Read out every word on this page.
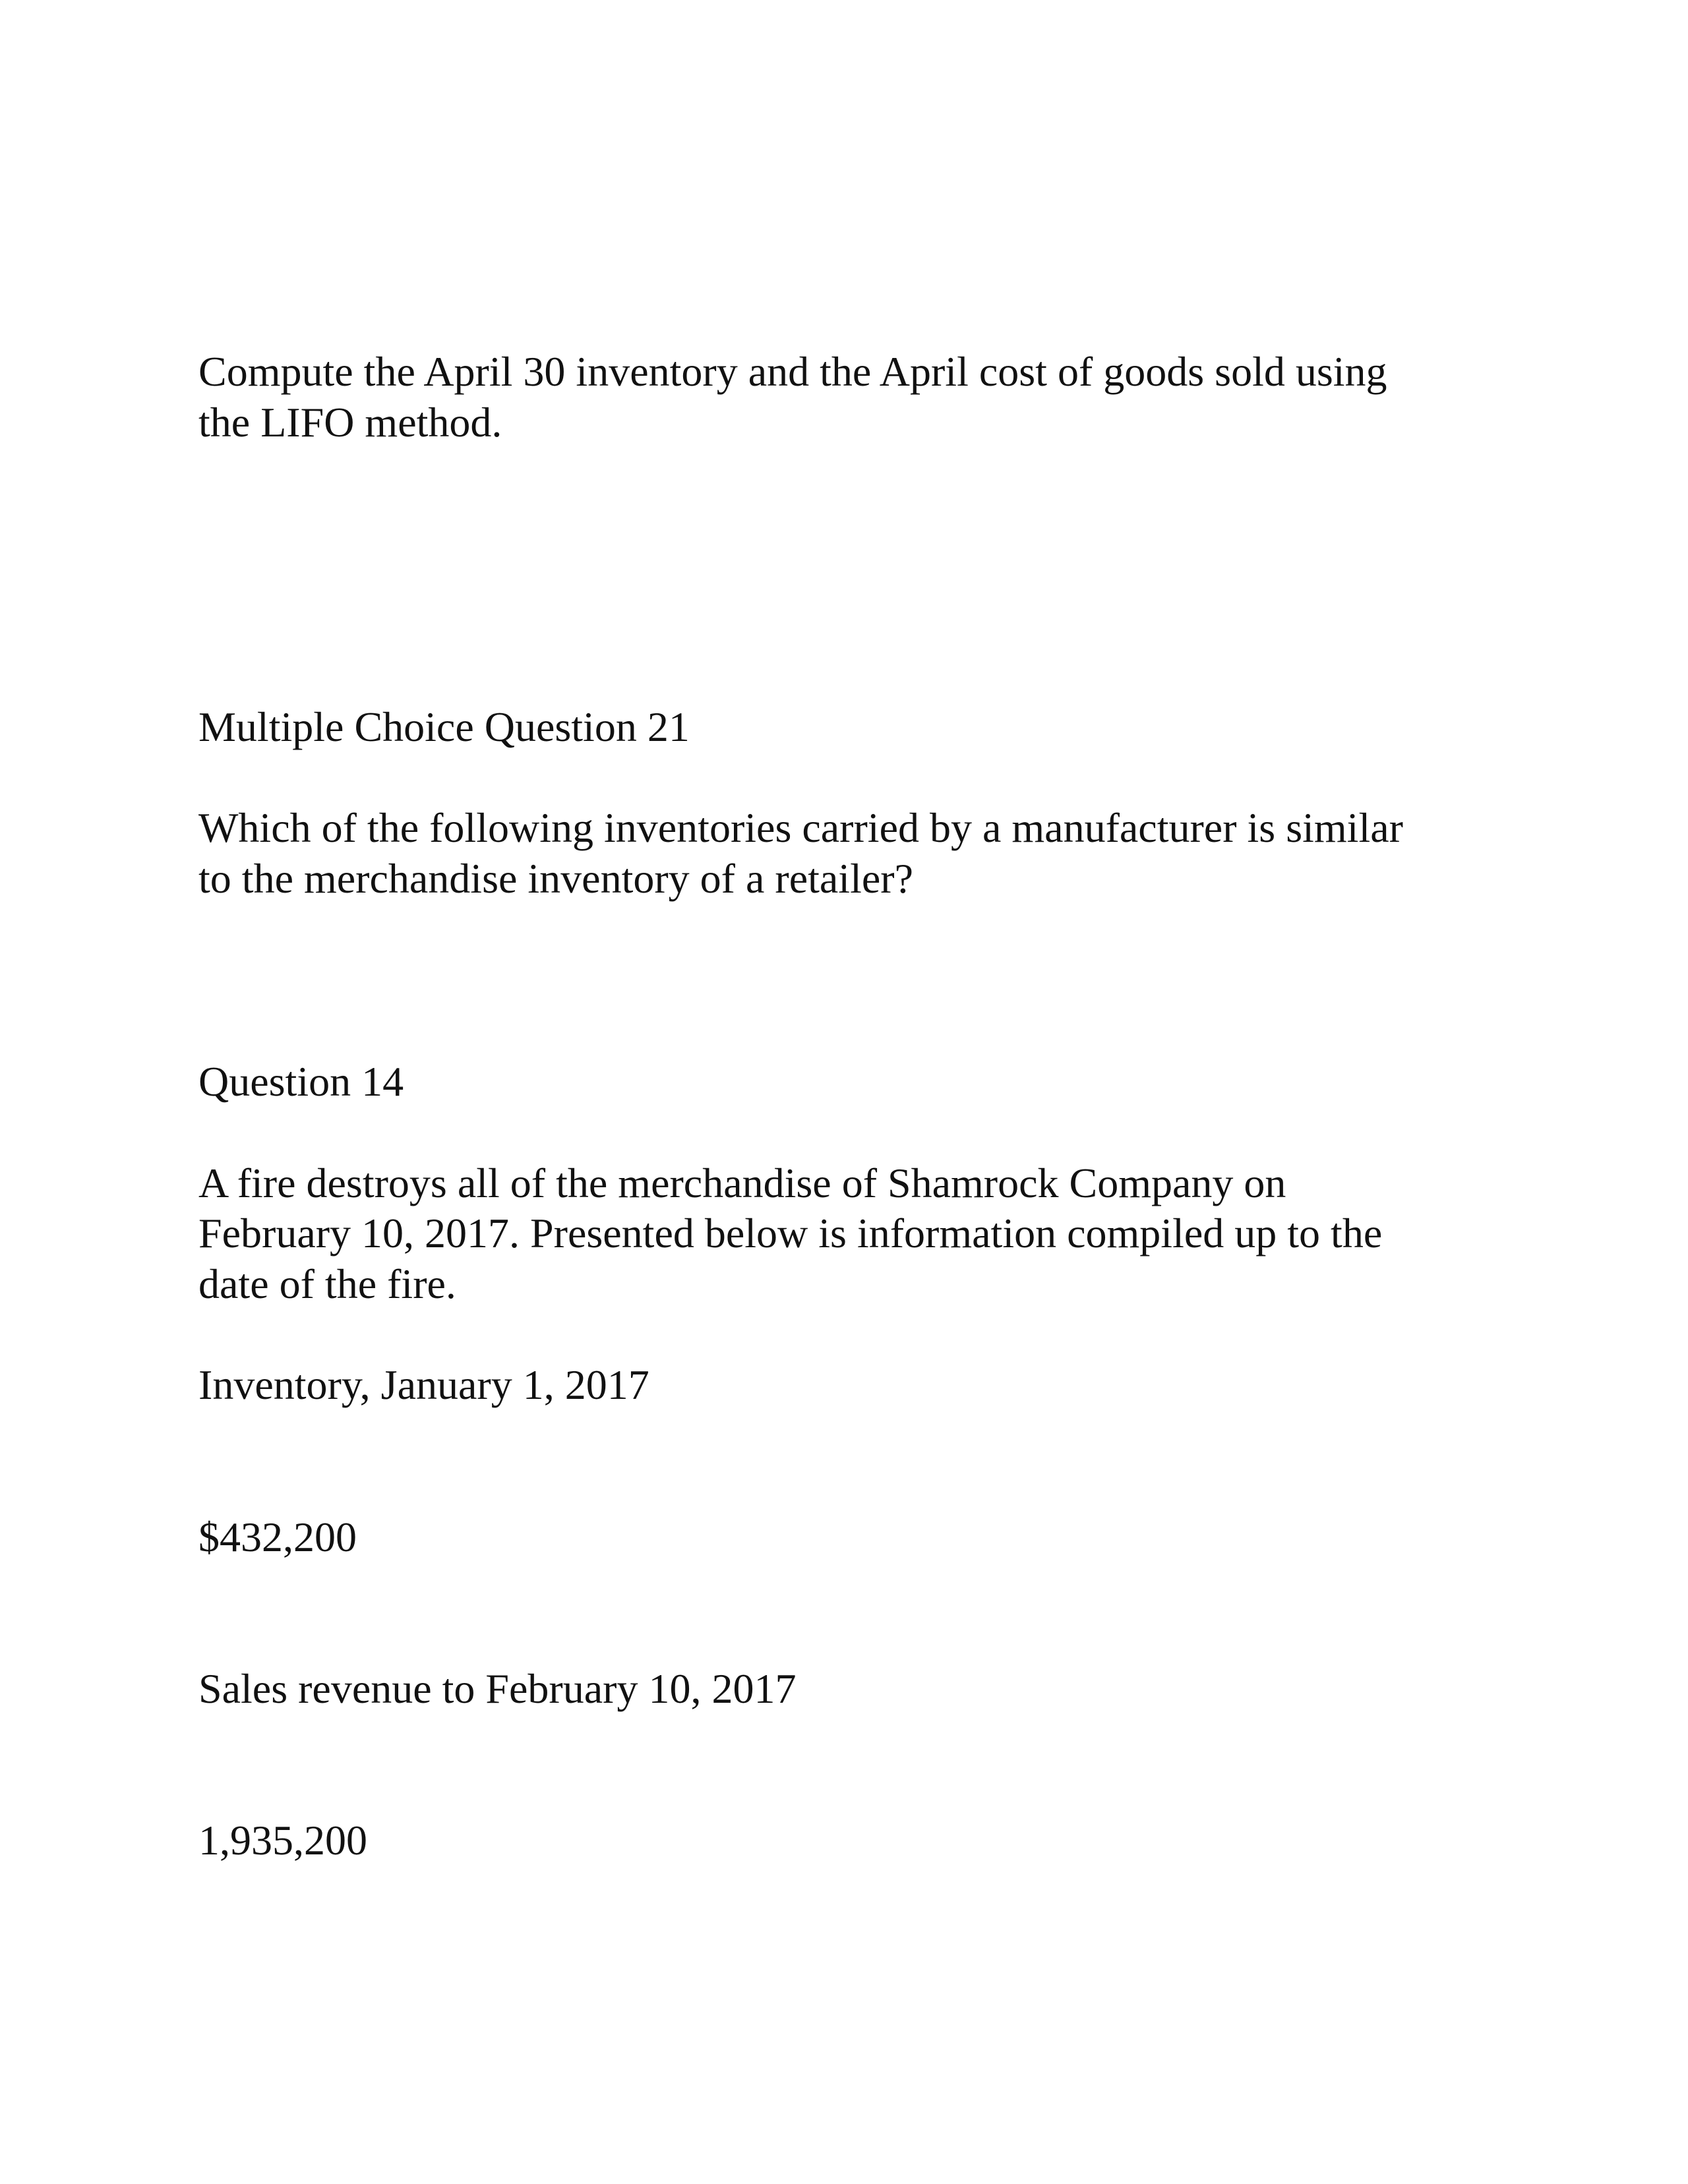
Compute the April 30 inventory and the April cost of goods sold using

the LIFO method.

Multiple Choice Question 21

Which of the following inventories carried by a manufacturer is similar

to the merchandise inventory of a retailer?

Question 14

A fire destroys all of the merchandise of Shamrock Company on

February 10, 2017. Presented below is information compiled up to the

date of the fire.

Inventory, January 1, 2017

$432,200

Sales revenue to February 10, 2017

1,935,200
